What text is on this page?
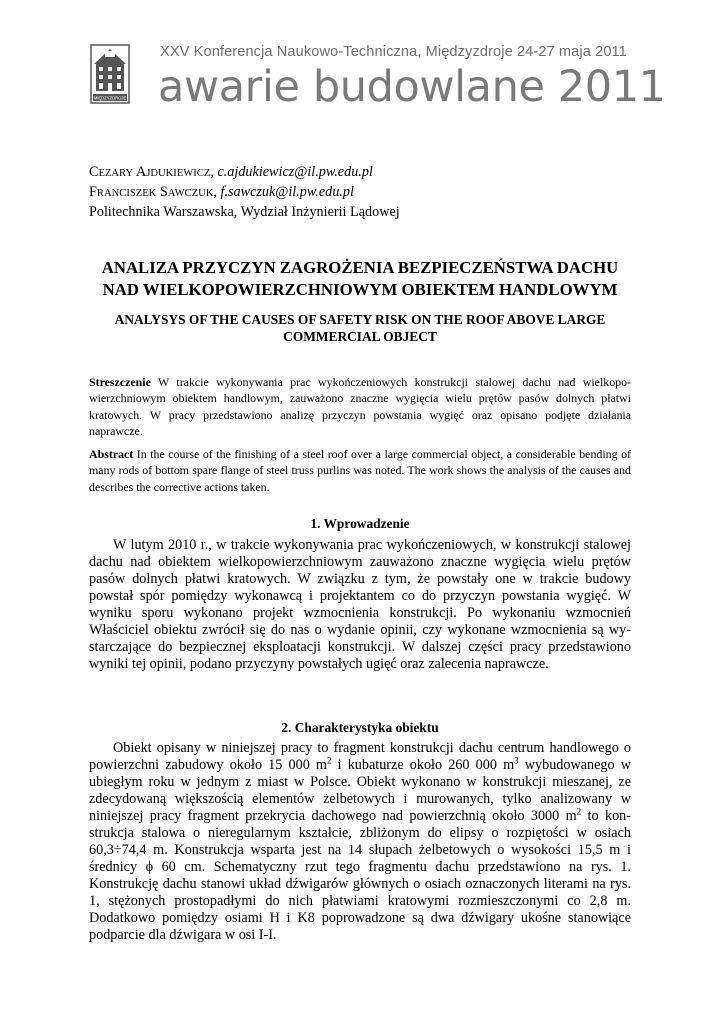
MIĘDZYZDROJE
XXV Konferencja Naukowo-Techniczna, Międzyzdroje 24-27 maja 2011
awarie budowlane 2011
CEZARY AJDUKIEWICZ, c.ajdukiewicz@il.pw.edu.pl
FRANCISZEK SAWCZUK, f.sawczuk@il.pw.edu.pl
Politechnika Warszawska, Wydział Inżynierii Lądowej
ANALIZA PRZYCZYN ZAGROŻENIA BEZPIECZEŃSTWA DACHU NAD WIELKOPOWIERZCHNIOWYM OBIEKTEM HANDLOWYM
ANALYSYS OF THE CAUSES OF SAFETY RISK ON THE ROOF ABOVE LARGE COMMERCIAL OBJECT
Streszczenie W trakcie wykonywania prac wykończeniowych konstrukcji stalowej dachu nad wielkopo-wierzchniowym obiektem handlowym, zauważono znaczne wygięcia wielu prętów pasów dolnych płatwi kratowych. W pracy przedstawiono analizę przyczyn powstania wygięć oraz opisano podjęte działania naprawcze.
Abstract In the course of the finishing of a steel roof over a large commercial object, a considerable bending of many rods of bottom spare flange of steel truss purlins was noted. The work shows the analysis of the causes and describes the corrective actions taken.
1. Wprowadzenie
W lutym 2010 r., w trakcie wykonywania prac wykończeniowych, w konstrukcji stalowej dachu nad obiektem wielkopowierzchniowym zauważono znaczne wygięcia wielu prętów pasów dolnych płatwi kratowych. W związku z tym, że powstały one w trakcie budowy powstał spór pomiędzy wykonawcą i projektantem co do przyczyn powstania wygięć. W wyniku sporu wykonano projekt wzmocnienia konstrukcji. Po wykonaniu wzmocnień Właściciel obiektu zwrócił się do nas o wydanie opinii, czy wykonane wzmocnienia są wy-starczające do bezpiecznej eksploatacji konstrukcji. W dalszej części pracy przedstawiono wyniki tej opinii, podano przyczyny powstałych ugięć oraz zalecenia naprawcze.
2. Charakterystyka obiektu
Obiekt opisany w niniejszej pracy to fragment konstrukcji dachu centrum handlowego o powierzchni zabudowy około 15 000 $m^2$ i kubaturze około 260 000 $m^3$ wybudowanego w ubiegłym roku w jednym z miast w Polsce. Obiekt wykonano w konstrukcji mieszanej, ze zdecydowaną większością elementów żelbetowych i murowanych, tylko analizowany w niniejszej pracy fragment przekrycia dachowego nad powierzchnią około 3000 $m^2$ to kon-strukcja stalowa o nieregularnym kształcie, zbliżonym do elipsy o rozpiętości w osiach 60,3÷74,4 m. Konstrukcja wsparta jest na 14 słupach żelbetowych o wysokości 15,5 m i średnicy ϕ 60 cm. Schematyczny rzut tego fragmentu dachu przedstawiono na rys. 1. Konstrukcję dachu stanowi układ dźwigarów głównych o osiach oznaczonych literami na rys. 1, stężonych prostopadłymi do nich płatwiami kratowymi rozmieszczonymi co 2,8 m. Dodatkowo pomiędzy osiami H i K8 poprowadzone są dwa dźwigary ukośne stanowiące podparcie dla dźwigara w osi I-I.
